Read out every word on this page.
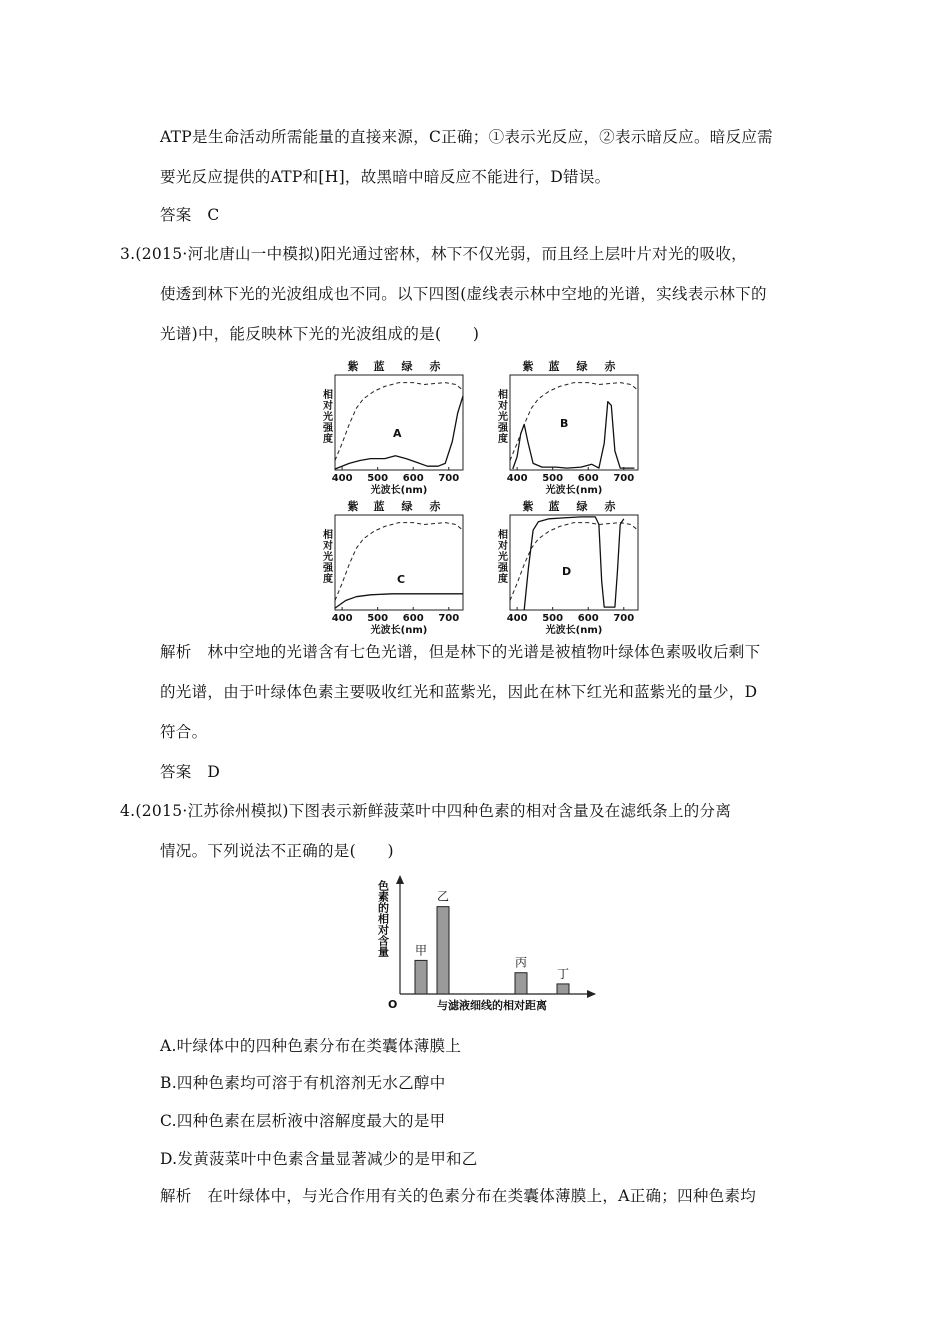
ATP是生命活动所需能量的直接来源，C正确；①表示光反应，②表示暗反应。暗反应需
要光反应提供的ATP和[H]，故黑暗中暗反应不能进行，D错误。
答案　C
3.(2015·河北唐山一中模拟)阳光通过密林，林下不仅光弱，而且经上层叶片对光的吸收，
使透到林下光的光波组成也不同。以下四图(虚线表示林中空地的光谱，实线表示林下的
光谱)中，能反映林下光的光波组成的是(　　)
紫 蓝 绿 赤
相对光强度
400 500 600 700
光波长(nm)
A
紫 蓝 绿 赤
相对光强度
400 500 600 700
光波长(nm)
B
紫 蓝 绿 赤
相对光强度
400 500 600 700
光波长(nm)
C
紫 蓝 绿 赤
相对光强度
400 500 600 700
光波长(nm)
D
解析　林中空地的光谱含有七色光谱，但是林下的光谱是被植物叶绿体色素吸收后剩下
的光谱，由于叶绿体色素主要吸收红光和蓝紫光，因此在林下红光和蓝紫光的量少，D
符合。
答案　D
4.(2015·江苏徐州模拟)下图表示新鲜菠菜叶中四种色素的相对含量及在滤纸条上的分离
情况。下列说法不正确的是(　　)
O
色素的相对含量
与滤液细线的相对距离
甲
乙
丙
丁
A.叶绿体中的四种色素分布在类囊体薄膜上
B.四种色素均可溶于有机溶剂无水乙醇中
C.四种色素在层析液中溶解度最大的是甲
D.发黄菠菜叶中色素含量显著减少的是甲和乙
解析　在叶绿体中，与光合作用有关的色素分布在类囊体薄膜上，A正确；四种色素均
